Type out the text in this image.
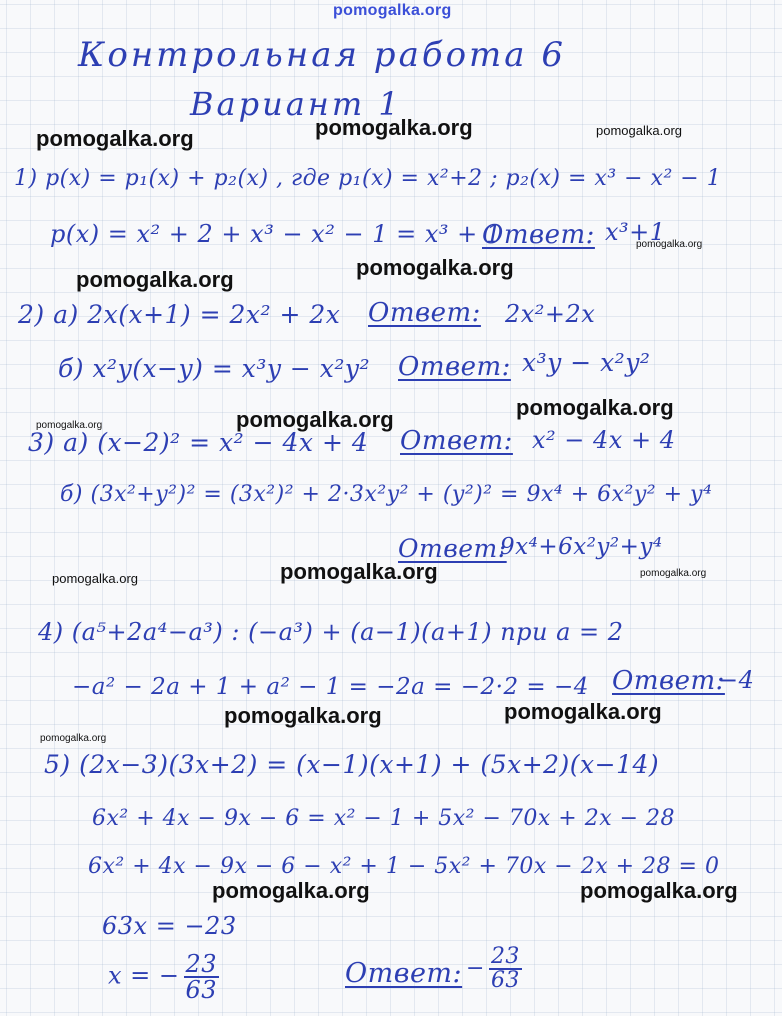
pomogalka.org
Контрольная работа 6
Вариант 1
1) p(x) = p₁(x) + p₂(x) , где p₁(x) = x²+2 ; p₂(x) = x³ − x² − 1
p(x) = x² + 2 + x³ − x² − 1 = x³ + 1
Ответ: x³+1
2) a) 2x(x+1) = 2x² + 2x Ответ: 2x²+2x
б) x²y(x−y) = x³y − x²y² Ответ: x³y − x²y²
3) a) (x−2)² = x² − 4x + 4 Ответ: x² − 4x + 4
б) (3x²+y²)² = (3x²)² + 2·3x²y² + (y²)² = 9x⁴ + 6x²y² + y⁴
Ответ:
9x⁴+6x²y²+y⁴
4) (a⁵+2a⁴−a³) : (−a³) + (a−1)(a+1) при a = 2
−a² − 2a + 1 + a² − 1 = −2a = −2·2 = −4 Ответ:
−4
5) (2x−3)(3x+2) = (x−1)(x+1) + (5x+2)(x−14)
6x² + 4x − 9x − 6 = x² − 1 + 5x² − 70x + 2x − 28
6x² + 4x − 9x − 6 − x² + 1 − 5x² + 70x − 2x + 28 = 0
63x = −23
x = − $\frac{23}{63}$	Ответ: − $\frac{23}{63}$
pomogalka.org	pomogalka.org	pomogalka.org
pomogalka.org
pomogalka.org	pomogalka.org
pomogalka.org	pomogalka.org	pomogalka.org
pomogalka.org	pomogalka.org	pomogalka.org
pomogalka.org	pomogalka.org
pomogalka.org
pomogalka.org	pomogalka.org
